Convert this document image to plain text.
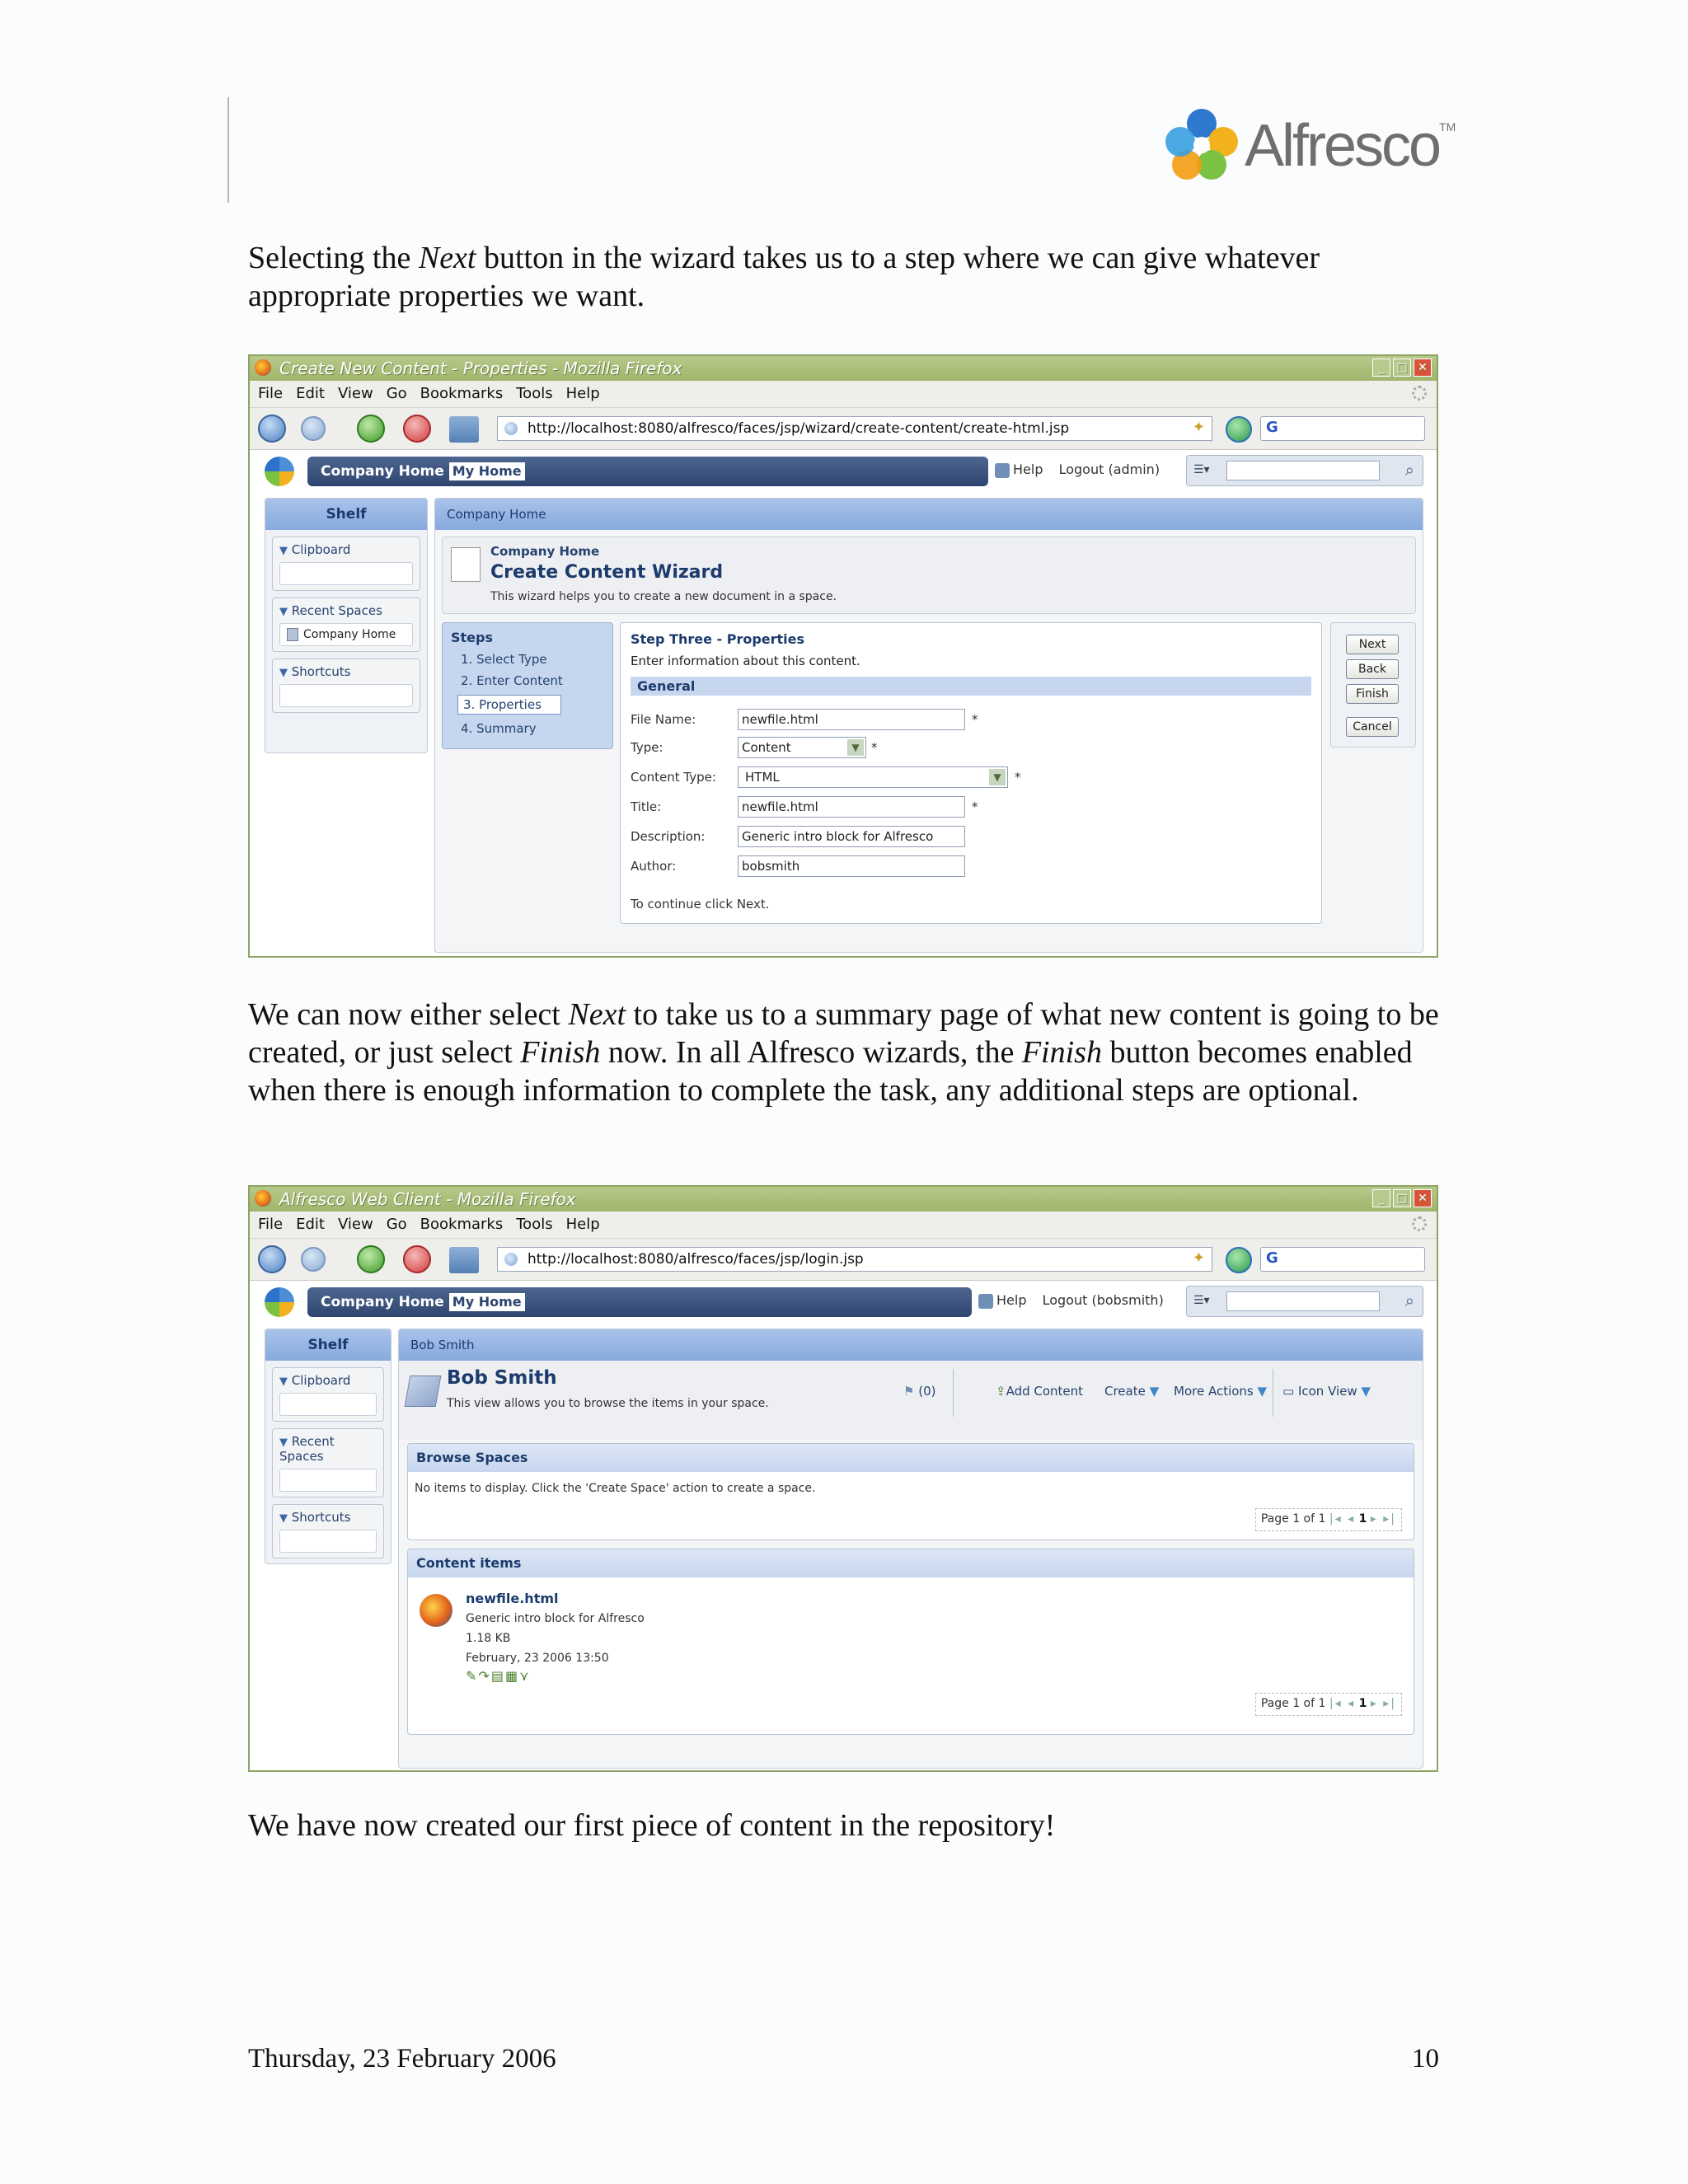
Alfresco™
Selecting the Next button in the wizard takes us to a step where we can give whatever appropriate properties we want.
Create New Content - Properties - Mozilla Firefox	_	□ ✕
File Edit View Go Bookmarks Tools Help
http://localhost:8080/alfresco/faces/jsp/wizard/create-content/create-html.jsp	✦	G
Company Home My Home	Help Logout (admin)	☰▾	⌕
Shelf
▼ Clipboard
▼ Recent Spaces
Company Home
▼ Shortcuts
Company Home
Company Home
Create Content Wizard
This wizard helps you to create a new document in a space.
Steps
1. Select Type
2. Enter Content
3. Properties
4. Summary
Step Three - Properties
Enter information about this content.
General
File Name:	newfile.html	*
Type:	Content ▼	*
Content Type:	HTML ▼	*
Title:	newfile.html	*
Description:	Generic intro block for Alfresco
Author:	bobsmith
To continue click Next.
Next
Back
Finish
Cancel
We can now either select Next to take us to a summary page of what new content is going to be created, or just select Finish now. In all Alfresco wizards, the Finish button becomes enabled when there is enough information to complete the task, any additional steps are optional.
Alfresco Web Client - Mozilla Firefox	_	□ ✕
File Edit View Go Bookmarks Tools Help
http://localhost:8080/alfresco/faces/jsp/login.jsp	✦	G
Company Home My Home	Help Logout (bobsmith)	☰▾	⌕
Shelf
▼ Clipboard
▼ Recent Spaces
▼ Shortcuts
Bob Smith
Bob Smith
This view allows you to browse the items in your space.
⚑ (0)	⇪Add Content Create ▼ More Actions ▼ ▭ Icon View ▼
Browse Spaces
No items to display. Click the 'Create Space' action to create a space.
Page 1 of 1 |◂ ◂ 1 ▸ ▸|
Content items
newfile.html
Generic intro block for Alfresco
1.18 KB
February, 23 2006 13:50
✎↷▤▦⋎
Page 1 of 1 |◂ ◂ 1 ▸ ▸|
We have now created our first piece of content in the repository!
Thursday, 23 February 2006	10
